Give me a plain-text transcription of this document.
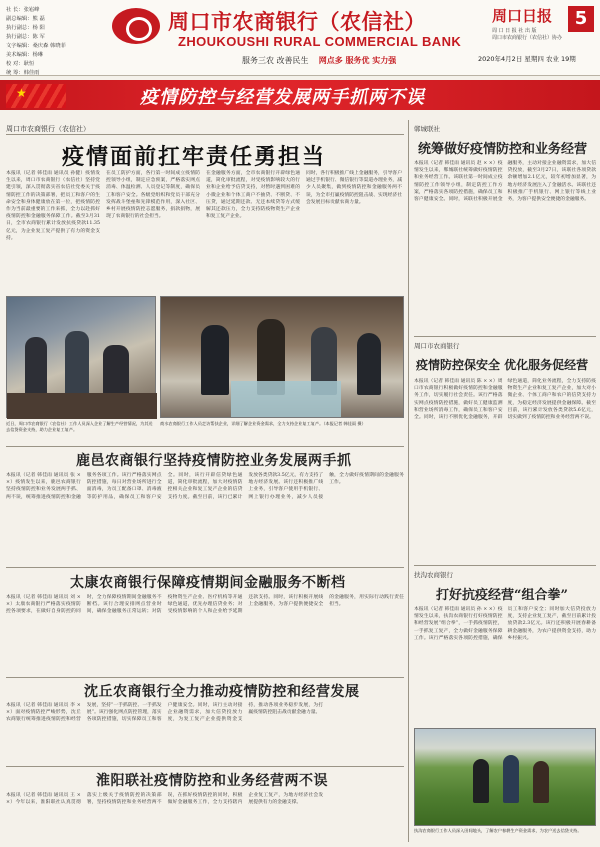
社 长：张崧峰
副总编辑：熊 磊
执行副总：杨 阳
执行副总：陈 军
文字编辑：桑庆森 韩晓菲
美术编辑：杨琳
校 对：耿恒
统 筹：韩佳雨
周口市农商银行（农信社）
ZHOUKOUSHI RURAL COMMERCIAL BANK
服务三农 改善民生 网点多 服务优 实力强
周口日报	5
周 口 日 报 社 出 版
周口市农商银行（农信社）协办
2020年4月2日 星期四 农业 19期
★	疫情防控与经营发展两手抓两不误
周口市农商银行（农信社）
疫情面前扛牢责任勇担当
本报讯（记者 韩佳雨 通讯员 孙健）疫情发生以来，周口市农商银行（农信社）坚持党建引领，深入贯彻落实省农信社党委关于疫情防控工作的决策部署，把员工和客户的生命安全和身体健康放在第一位，把疫情防控作为当前最重要的工作来抓，全力以赴抓好疫情防控和金融服务保障工作。截至3月31日，全市农商银行累计发放抗疫贷款11.35亿元，为企业复工复产提供了有力的资金支持。
在员工防护方面，各行第一时间成立疫情防控领导小组，制定应急预案，严格落实网点消毒、体温检测、人员登记等制度，确保员工和客户安全。各级党组织和党员干部充分发挥战斗堡垒和先锋模范作用，深入社区、乡村开展疫情防控志愿服务，捐款捐物，展现了农商银行的社会担当。
在金融服务方面，全市农商银行开辟绿色通道，简化审批流程，对受疫情影响较大的行业和企业给予信贷支持，对暂时遇到困难的小微企业和个体工商户不抽贷、不断贷、不压贷，通过延期还款、无还本续贷等方式缓解其还款压力，全力支持防疫物资生产企业和复工复产企业。
同时，各行积极推广线上金融服务，引导客户通过手机银行、微信银行等渠道办理业务，减少人员聚集，做到疫情防控和金融服务两不误，为全市打赢疫情防控阻击战、实现经济社会发展目标贡献农商力量。
近日，周口市农商银行（农信社）工作人员深入企业了解生产经营情况，为其送去信贷资金支持，助力企业复工复产。
商水农商银行工作人员走访帮扶企业，详细了解企业资金需求，全力支持企业复工复产。（本报记者 韩佳雨 摄）
鹿邑农商银行坚持疫情防控业务发展两手抓
本报讯（记者 韩佳雨 通讯员 张 × ×）疫情发生以来，鹿邑农商银行坚持疫情防控和业务发展两手抓、两不误，统筹推进疫情防控和金融服务各项工作。该行严格落实网点防控措施，每日对营业场所进行全面消毒，为员工配备口罩、消毒液等防护用品，确保员工和客户安全。同时，该行开辟信贷绿色通道，简化审批流程，加大对疫情防控相关企业和复工复产企业的信贷支持力度。截至目前，该行已累计发放各类贷款3.5亿元，有力支持了地方经济发展。该行还积极推广线上业务，引导客户使用手机银行、网上银行办理业务，减少人员接触，全力做好疫情期间的金融服务工作。
太康农商银行保障疫情期间金融服务不断档
本报讯（记者 韩佳雨 通讯员 刘 × ×）太康农商银行严格落实疫情防控各项要求，在做好自身防控的同时，全力保障疫情期间金融服务不断档。该行合理安排网点营业时间，确保金融服务正常运转；对防疫物资生产企业、医疗机构等开通绿色通道，优先办理信贷业务；对受疫情影响的个人和企业给予延期还款支持。同时，该行积极开展线上金融服务，为客户提供便捷安全的金融服务，用实际行动践行责任担当。
沈丘农商银行全力推动疫情防控和经营发展
本报讯（记者 韩佳雨 通讯员 李 × ×）面对疫情防控严峻形势，沈丘农商银行统筹推进疫情防控和经营发展，坚持“一手抓防控、一手抓发展”。该行强化网点防控管理，落实各项防控措施，切实保障员工和客户健康安全。同时，该行主动对接企业融资需求，加大信贷投放力度，为复工复产企业提供资金支持，推动各项业务稳步发展，为打赢疫情防控阻击战贡献金融力量。
淮阳联社疫情防控和业务经营两不误
本报讯（记者 韩佳雨 通讯员 王 × ×）今年以来，淮阳联社认真贯彻落实上级关于疫情防控的决策部署，坚持疫情防控和业务经营两不误，在抓好疫情防控的同时，积极做好金融服务工作，全力支持辖内企业复工复产，为地方经济社会发展提供有力的金融支撑。
郸城联社
统筹做好疫情防控和业务经营
本报讯（记者 韩佳雨 通讯员 赵 × ×）疫情发生以来，郸城联社统筹做好疫情防控和业务经营工作。该联社第一时间成立疫情防控工作领导小组，制定防控工作方案，严格落实各项防控措施，确保员工和客户健康安全。同时，该联社积极开展金融服务，主动对接企业融资需求，加大信贷投放，截至3月27日，该联社各项贷款余额增加2.1亿元，较年初增加显著，为地方经济发展注入了金融活水。该联社还积极推广手机银行、网上银行等线上业务，为客户提供安全便捷的金融服务。
周口市农商银行
疫情防控保安全 优化服务促经营
本报讯（记者 韩佳雨 通讯员 陈 × ×）周口市农商银行积极做好疫情防控和金融服务工作，切实履行社会责任。该行严格落实网点疫情防控措施，做好员工健康监测和营业场所消毒工作，确保员工和客户安全。同时，该行不断优化金融服务，开辟绿色通道，简化业务流程，全力支持防疫物资生产企业和复工复产企业，加大对小微企业、个体工商户和农户的信贷支持力度，为稳定经济发展提供金融保障。截至目前，该行累计发放各类贷款5.6亿元，切实做到了疫情防控和业务经营两不误。
扶沟农商银行
打好抗疫经营“组合拳”
本报讯（记者 韩佳雨 通讯员 孙 × ×）疫情发生以来，扶沟农商银行打好疫情防控和经营发展“组合拳”，一手抓疫情防控，一手抓复工复产，全力做好金融服务保障工作。该行严格落实各项防控措施，确保员工和客户安全；同时加大信贷投放力度，支持企业复工复产，截至目前累计投放贷款2.3亿元。该行还积极开展春耕备耕金融服务，为农户提供资金支持，助力乡村振兴。
扶沟农商银行工作人员深入田间地头，了解农户春耕生产资金需求，为农户送去信贷支持。
